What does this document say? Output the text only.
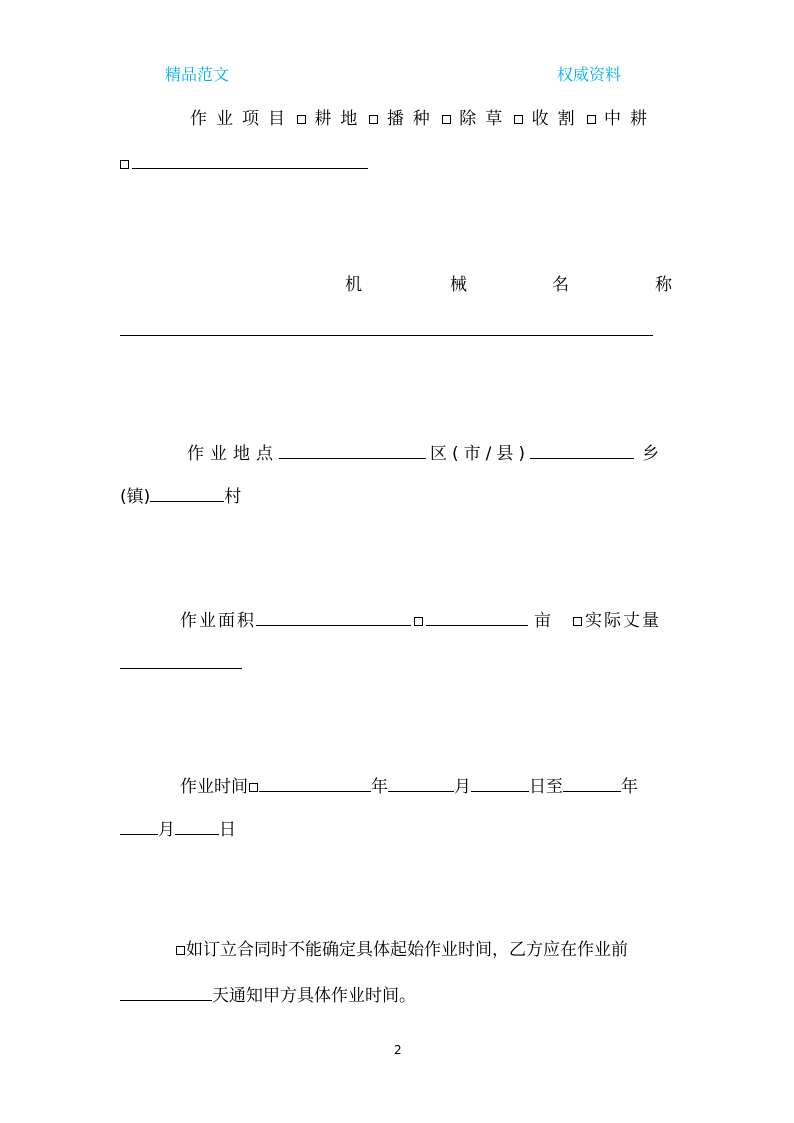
精品范文	权威资料
作业项目 耕地 播种 除草 收割 中耕
机	械	名	称
作业地点	区(市/县)	乡
(镇)	村
作业面积	亩 实际丈量
作业时间	年	月	日至	年
月	日
如订立合同时不能确定具体起始作业时间，乙方应在作业前
天通知甲方具体作业时间。
2
